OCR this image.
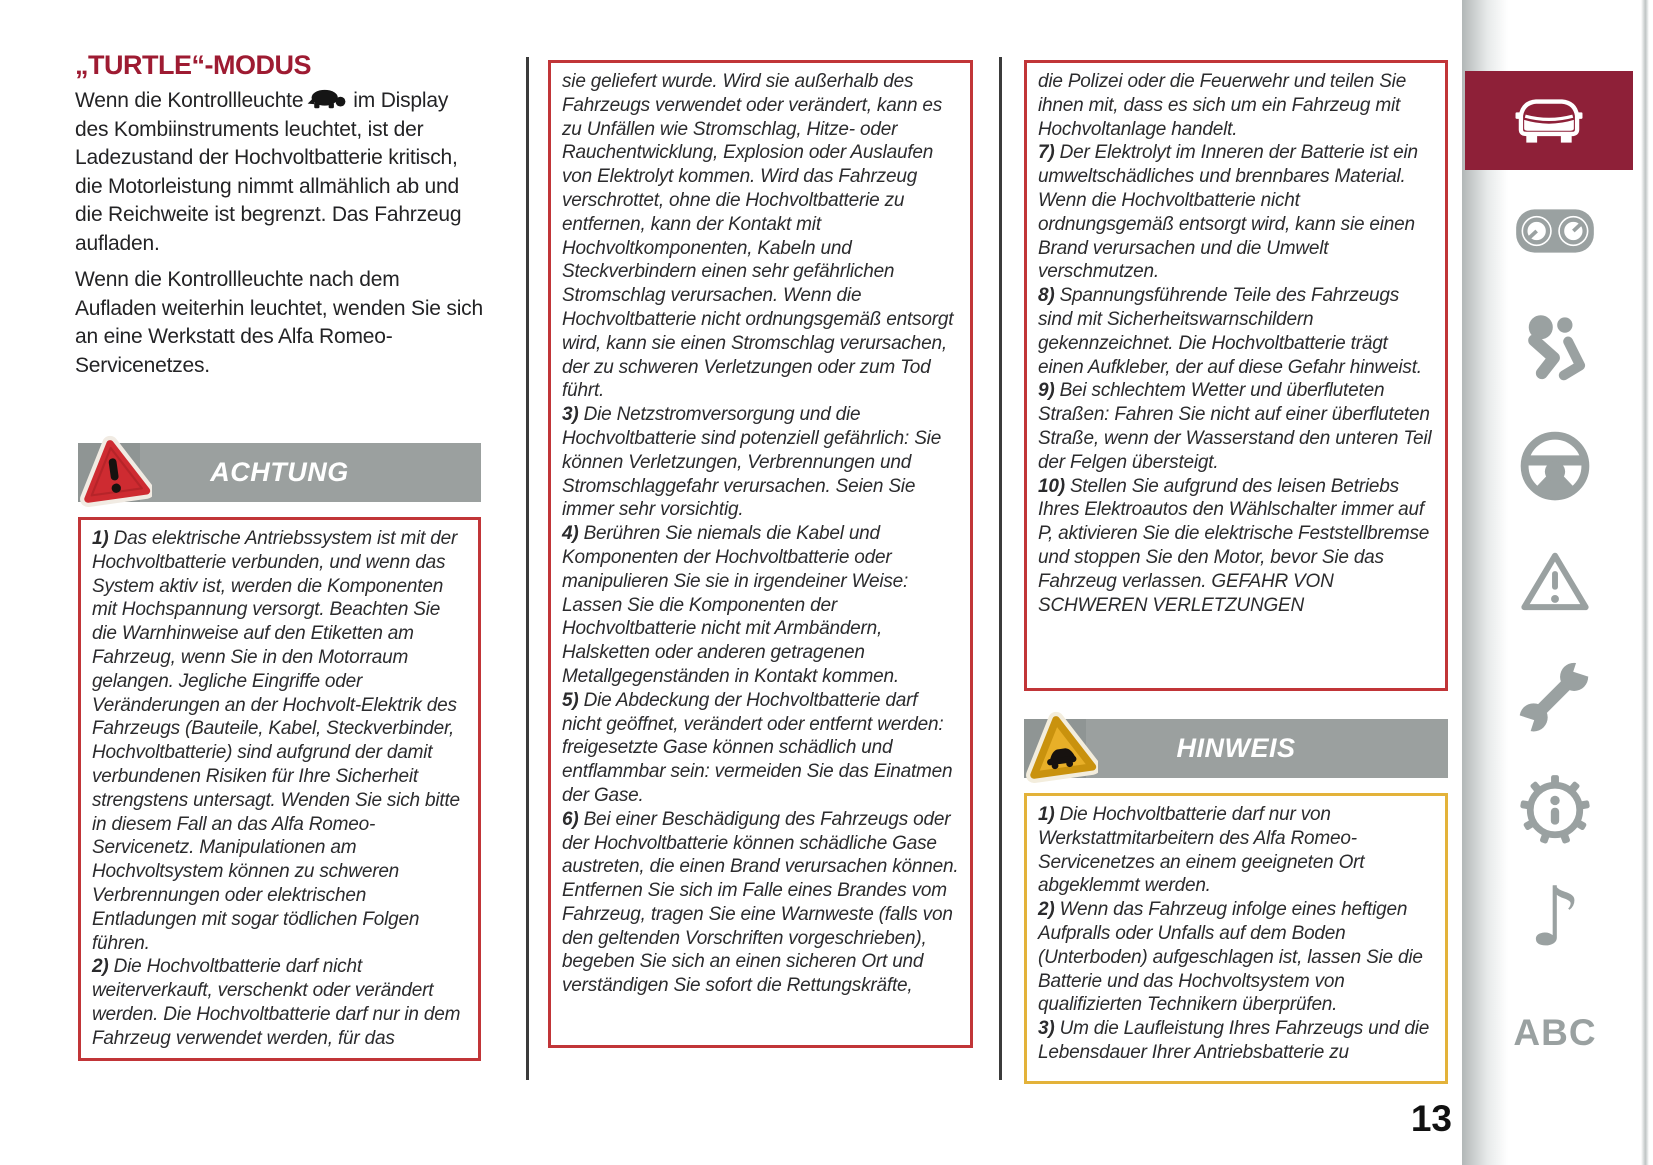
„TURTLE“-MODUS

Wenn die Kontrollleuchte im Display des Kombiinstruments leuchtet, ist der Ladezustand der Hochvoltbatterie kritisch, die Motorleistung nimmt allmählich ab und die Reichweite ist begrenzt. Das Fahrzeug aufladen.

Wenn die Kontrollleuchte nach dem Aufladen weiterhin leuchtet, wenden Sie sich an eine Werkstatt des Alfa Romeo-Servicenetzes.

ACHTUNG

1) Das elektrische Antriebssystem ist mit der Hochvoltbatterie verbunden, und wenn das System aktiv ist, werden die Komponenten mit Hochspannung versorgt. Beachten Sie die Warnhinweise auf den Etiketten am Fahrzeug, wenn Sie in den Motorraum gelangen. Jegliche Eingriffe oder Veränderungen an der Hochvolt-Elektrik des Fahrzeugs (Bauteile, Kabel, Steckverbinder, Hochvoltbatterie) sind aufgrund der damit verbundenen Risiken für Ihre Sicherheit strengstens untersagt. Wenden Sie sich bitte in diesem Fall an das Alfa Romeo-Servicenetz. Manipulationen am Hochvoltsystem können zu schweren Verbrennungen oder elektrischen Entladungen mit sogar tödlichen Folgen führen.

2) Die Hochvoltbatterie darf nicht weiterverkauft, verschenkt oder verändert werden. Die Hochvoltbatterie darf nur in dem Fahrzeug verwendet werden, für das

sie geliefert wurde. Wird sie außerhalb des Fahrzeugs verwendet oder verändert, kann es zu Unfällen wie Stromschlag, Hitze- oder Rauchentwicklung, Explosion oder Auslaufen von Elektrolyt kommen. Wird das Fahrzeug verschrottet, ohne die Hochvoltbatterie zu entfernen, kann der Kontakt mit Hochvoltkomponenten, Kabeln und Steckverbindern einen sehr gefährlichen Stromschlag verursachen. Wenn die Hochvoltbatterie nicht ordnungsgemäß entsorgt wird, kann sie einen Stromschlag verursachen, der zu schweren Verletzungen oder zum Tod führt.

3) Die Netzstromversorgung und die Hochvoltbatterie sind potenziell gefährlich: Sie können Verletzungen, Verbrennungen und Stromschlaggefahr verursachen. Seien Sie immer sehr vorsichtig.

4) Berühren Sie niemals die Kabel und Komponenten der Hochvoltbatterie oder manipulieren Sie sie in irgendeiner Weise: Lassen Sie die Komponenten der Hochvoltbatterie nicht mit Armbändern, Halsketten oder anderen getragenen Metallgegenständen in Kontakt kommen.

5) Die Abdeckung der Hochvoltbatterie darf nicht geöffnet, verändert oder entfernt werden: freigesetzte Gase können schädlich und entflammbar sein: vermeiden Sie das Einatmen der Gase.

6) Bei einer Beschädigung des Fahrzeugs oder der Hochvoltbatterie können schädliche Gase austreten, die einen Brand verursachen können. Entfernen Sie sich im Falle eines Brandes vom Fahrzeug, tragen Sie eine Warnweste (falls von den geltenden Vorschriften vorgeschrieben), begeben Sie sich an einen sicheren Ort und verständigen Sie sofort die Rettungskräfte,

die Polizei oder die Feuerwehr und teilen Sie ihnen mit, dass es sich um ein Fahrzeug mit Hochvoltanlage handelt.

7) Der Elektrolyt im Inneren der Batterie ist ein umweltschädliches und brennbares Material. Wenn die Hochvoltbatterie nicht ordnungsgemäß entsorgt wird, kann sie einen Brand verursachen und die Umwelt verschmutzen.

8) Spannungsführende Teile des Fahrzeugs sind mit Sicherheitswarnschildern gekennzeichnet. Die Hochvoltbatterie trägt einen Aufkleber, der auf diese Gefahr hinweist.

9) Bei schlechtem Wetter und überfluteten Straßen: Fahren Sie nicht auf einer überfluteten Straße, wenn der Wasserstand den unteren Teil der Felgen übersteigt.

10) Stellen Sie aufgrund des leisen Betriebs Ihres Elektroautos den Wählschalter immer auf P, aktivieren Sie die elektrische Feststellbremse und stoppen Sie den Motor, bevor Sie das Fahrzeug verlassen. GEFAHR VON SCHWEREN VERLETZUNGEN

HINWEIS

1) Die Hochvoltbatterie darf nur von Werkstattmitarbeitern des Alfa Romeo-Servicenetzes an einem geeigneten Ort abgeklemmt werden.

2) Wenn das Fahrzeug infolge eines heftigen Aufpralls oder Unfalls auf dem Boden (Unterboden) aufgeschlagen ist, lassen Sie die Batterie und das Hochvoltsystem von qualifizierten Technikern überprüfen.

3) Um die Laufleistung Ihres Fahrzeugs und die Lebensdauer Ihrer Antriebsbatterie zu

♪
ABC
13
